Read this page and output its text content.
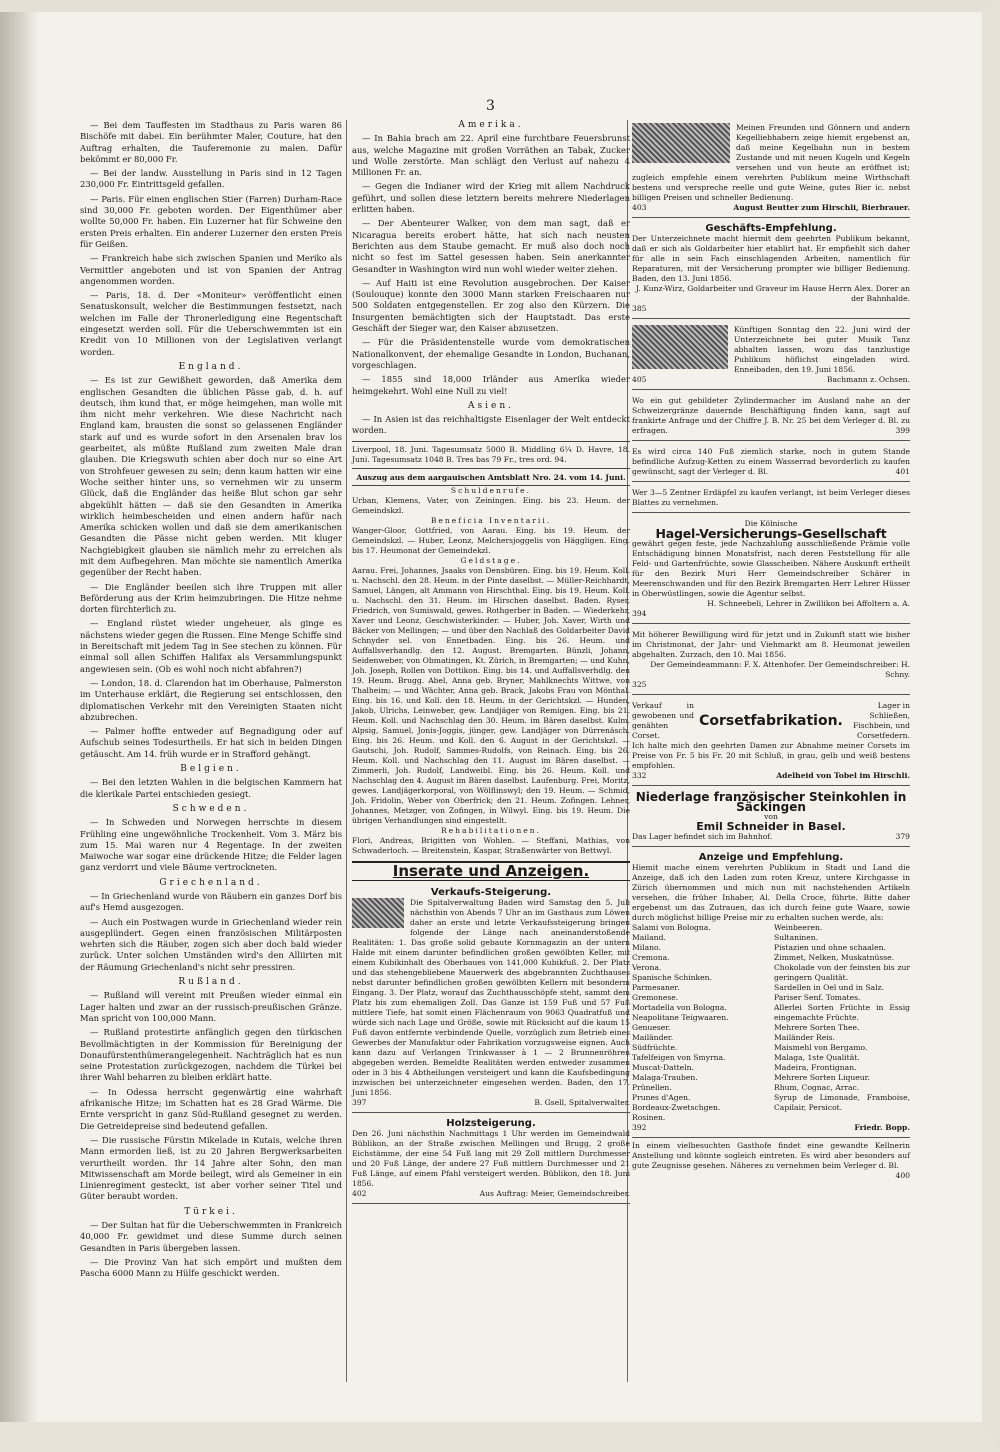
3

— Bei dem Tauffesten im Stadthaus zu Paris waren 86 Bischöfe mit dabei. Ein berühmter Maler, Couture, hat den Auftrag erhalten, die Tauferemonie zu malen. Dafür bekömmt er 80,000 Fr.

— Bei der landw. Ausstellung in Paris sind in 12 Tagen 230,000 Fr. Eintrittsgeld gefallen.

— Paris. Für einen englischen Stier (Farren) Durham-Race sind 30,000 Fr. geboten worden. Der Eigenthümer aber wollte 50,000 Fr. haben. Ein Luzerner hat für Schweine den ersten Preis erhalten. Ein anderer Luzerner den ersten Preis für Geißen.

— Frankreich habe sich zwischen Spanien und Meriko als Vermittler angeboten und ist von Spanien der Antrag angenommen worden.

— Paris, 18. d. Der «Moniteur» veröffentlicht einen Senatuskonsult, welcher die Bestimmungen festsetzt, nach welchen im Falle der Thronerledigung eine Regentschaft eingesetzt werden soll. Für die Ueberschwemmten ist ein Kredit von 10 Millionen von der Legislativen verlangt worden.

England.

— Es ist zur Gewißheit geworden, daß Amerika dem englischen Gesandten die üblichen Pässe gab, d. h. auf deutsch, ihm kund that, er möge heimgehen, man wolle mit ihm nicht mehr verkehren. Wie diese Nachricht nach England kam, brausten die sonst so gelassenen Engländer stark auf und es wurde sofort in den Arsenalen brav los gearbeitet, als müßte Rußland zum zweiten Male dran glauben. Die Kriegswuth schien aber doch nur so eine Art von Strohfeuer gewesen zu sein; denn kaum hatten wir eine Woche seither hinter uns, so vernehmen wir zu unserm Glück, daß die Engländer das heiße Blut schon gar sehr abgekühlt hätten — daß sie den Gesandten in Amerika wirklich heimbescheiden und einen andern hafür nach Amerika schicken wollen und daß sie dem amerikanischen Gesandten die Pässe nicht geben werden. Mit kluger Nachgiebigkeit glauben sie nämlich mehr zu erreichen als mit dem Aufbegehren. Man möchte sie namentlich Amerika gegenüber der Recht haben.

— Die Engländer beeilen sich ihre Truppen mit aller Beförderung aus der Krim heimzubringen. Die Hitze nehme dorten fürchterlich zu.

— England rüstet wieder ungeheuer, als ginge es nächstens wieder gegen die Russen. Eine Menge Schiffe sind in Bereitschaft mit jedem Tag in See stechen zu können. Für einmal soll allen Schiffen Halifax als Versammlungspunkt angewiesen sein. (Ob es wohl noch nicht abfahren?)

— London, 18. d. Clarendon hat im Oberhause, Palmerston im Unterhause erklärt, die Regierung sei entschlossen, den diplomatischen Verkehr mit den Vereinigten Staaten nicht abzubrechen.

— Palmer hoffte entweder auf Begnadigung oder auf Aufschub seines Todesurtheils. Er hat sich in beiden Dingen getäuscht. Am 14. früh wurde er in Strafford gehängt.

Belgien.

— Bei den letzten Wahlen in die belgischen Kammern hat die klerikale Partei entschieden gesiegt.

Schweden.

— In Schweden und Norwegen herrschte in diesem Frühling eine ungewöhnliche Trockenheit. Vom 3. März bis zum 15. Mai waren nur 4 Regentage. In der zweiten Maiwoche war sogar eine drückende Hitze; die Felder lagen ganz verdorrt und viele Bäume vertrockneten.

Griechenland.

— In Griechenland wurde von Räubern ein ganzes Dorf bis auf's Hemd ausgezogen.

— Auch ein Postwagen wurde in Griechenland wieder rein ausgeplündert. Gegen einen französischen Militärposten wehrten sich die Räuber, zogen sich aber doch bald wieder zurück. Unter solchen Umständen wird's den Alliirten mit der Räumung Griechenland's nicht sehr pressiren.

Rußland.

— Rußland will vereint mit Preußen wieder einmal ein Lager halten und zwar an der russisch-preußischen Gränze. Man spricht von 100,000 Mann.

— Rußland protestirte anfänglich gegen den türkischen Bevollmächtigten in der Kommission für Bereinigung der Donaufürstenthümerangelegenheit. Nachträglich hat es nun seine Protestation zurückgezogen, nachdem die Türkei bei ihrer Wahl beharren zu bleiben erklärt hatte.

— In Odessa herrscht gegenwärtig eine wahrhaft afrikanische Hitze; im Schatten hat es 28 Grad Wärme. Die Ernte verspricht in ganz Süd-Rußland gesegnet zu werden. Die Getreidepreise sind bedeutend gefallen.

— Die russische Fürstin Mikelade in Kutais, welche ihren Mann ermorden ließ, ist zu 20 Jahren Bergwerksarbeiten verurtheilt worden. Ihr 14 Jahre alter Sohn, den man Mitwissenschaft am Morde beilegt, wird als Gemeiner in ein Linienregiment gesteckt, ist aber vorher seiner Titel und Güter beraubt worden.

Türkei.

— Der Sultan hat für die Ueberschwemmten in Frankreich 40,000 Fr. gewidmet und diese Summe durch seinen Gesandten in Paris übergeben lassen.

— Die Provinz Van hat sich empört und mußten dem Pascha 6000 Mann zu Hülfe geschickt werden.

Amerika.

— In Bahia brach am 22. April eine furchtbare Feuersbrunst aus, welche Magazine mit großen Vorräthen an Tabak, Zucker und Wolle zerstörte. Man schlägt den Verlust auf nahezu 4 Millionen Fr. an.

— Gegen die Indianer wird der Krieg mit allem Nachdruck geführt, und sollen diese letztern bereits mehrere Niederlagen erlitten haben.

— Der Abenteurer Walker, von dem man sagt, daß er Nicaragua bereits erobert hätte, hat sich nach neusten Berichten aus dem Staube gemacht. Er muß also doch noch nicht so fest im Sattel gesessen haben. Sein anerkannter Gesandter in Washington wird nun wohl wieder weiter ziehen.

— Auf Haiti ist eine Revolution ausgebrochen. Der Kaiser (Soulouque) konnte den 3000 Mann starken Freischaaren nur 500 Soldaten entgegenstellen. Er zog also den Kürzern. Die Insurgenten bemächtigten sich der Hauptstadt. Das erste Geschäft der Sieger war, den Kaiser abzusetzen.

— Für die Präsidentenstelle wurde vom demokratischen Nationalkonvent, der ehemalige Gesandte in London, Buchanan, vorgeschlagen.

— 1855 sind 18,000 Irländer aus Amerika wieder heimgekehrt. Wohl eine Null zu viel!

Asien.

— In Asien ist das reichhaltigste Eisenlager der Welt entdeckt worden.

Liverpool, 18. Juni. Tagesumsatz 5000 B. Middling 6¼ D. Havre, 18. Juni. Tagesumsatz 1048 B. Tres bas 79 Fr., tres ord. 94.
Auszug aus dem aargauischen Amtsblatt Nro. 24. vom 14. Juni.
Schuldenrufe.
Urban, Klemens, Vater, von Zeiningen. Eing. bis 23. Heum. der Gemeindskzl.
Beneficia Inventarii.
Wanger-Gloor, Gottfried, von Aarau. Eing. bis 19. Heum. der Gemeindskzl. — Huber, Leonz, Melchersjoggelis von Häggligen. Eing. bis 17. Heumonat der Gemeindekzl.
Geldstage.
Aarau. Frei, Johannes, Jsaaks von Densbüren. Eing. bis 19. Heum. Koll. u. Nachschl. den 28. Heum. in der Pinte daselbst. — Müller-Reichhardt, Samuel, Längen, alt Ammann von Hirschthal. Eing. bis 19. Heum. Koll. u. Nachschl. den 31. Heum. im Hirschen daselbst. Baden. Ryser, Friedrich, von Sumiswald, gewes. Rothgerber in Baden. — Wiederkehr, Xaver und Leonz, Geschwisterkinder. — Huber, Joh. Xaver, Wirth und Bäcker von Mellingen; — und über den Nachlaß des Goldarbeiter David Schnyder sel. von Ennetbaden. Eing. bis 26. Heum. und Auffallsverhandlg. den 12. August. Bremgarten. Bünzli, Johann, Seidenweber, von Obmatingen, Kt. Zürich, in Bremgarten; — und Kuhn, Joh. Joseph, Rollen von Dottikon. Eing. bis 14. und Auffallsverhdlg. den 19. Heum. Brugg. Abel, Anna geb. Bryner, Mahlknechts Wittwe, von Thalheim; — und Wächter, Anna geb. Brack, Jakobs Frau von Mönthal. Eing. bis 16. und Koll. den 18. Heum. in der Gerichtskzl. — Hunden, Jakob, Ulrichs, Leinweber, gew. Landjäger von Remigen. Eing. bis 21. Heum. Koll. und Nachschlag den 30. Heum. im Bären daselbst. Kulm. Alpsig, Samuel, Jonis-Joggis, jünger, gew. Landjäger von Dürrenäsch. Eing. bis 26. Heum. und Koll. den 6. August in der Gerichtskzl. — Gautschi, Joh. Rudolf, Sammes-Rudolfs, von Reinach. Eing. bis 26. Heum. Koll. und Nachschlag den 11. August im Bären daselbst. — Zimmerli, Joh. Rudolf, Landweibl. Eing. bis 26. Heum. Koll. und Nachschlag den 4. August im Bären daselbst. Laufenburg. Frei, Moritz, gewes. Landjägerkorporal, von Wölflinswyl; den 19. Heum. — Schmid, Joh. Fridolin, Weber von Oberfrick; den 21. Heum. Zofingen. Lehner, Johannes, Metzger, von Zofingen, in Wilwyl. Eing. bis 19. Heum. Die übrigen Verhandlungen sind eingestellt.
Rehabilitationen.
Flori, Andreas, Brigitten von Wohlen. — Steffani, Mathias, von Schwaderloch. — Breitenstein, Kaspar, Straßenwärter von Bettwyl.
Inserate und Anzeigen.
Verkaufs-Steigerung.
Die Spitalverwaltung Baden wird Samstag den 5. Juli nächsthin von Abends 7 Uhr an im Gasthaus zum Löwen daher an erste und letzte Verkaufssteigerung bringen folgende der Länge nach aneinanderstoßende Realitäten: 1. Das große solid gebaute Kornmagazin an der untern Halde mit einem darunter befindlichen großen gewölbten Keller, mit einem Kubikinhalt des Oberbaues von 141,000 Kubikfuß. 2. Der Platz und das stehengebliebene Mauerwerk des abgebrannten Zuchthauses nebst darunter befindlichen großen gewölbten Kellern mit besonderm Eingang. 3. Der Platz, worauf das Zuchthausschöpfe steht, sammt dem Platz bis zum ehemaligen Zoll. Das Ganze ist 159 Fuß und 57 Fuß mittlere Tiefe, hat somit einen Flächenraum von 9063 Quadratfuß und würde sich nach Lage und Größe, sowie mit Rücksicht auf die kaum 15 Fuß davon entfernte verbindende Quelle, vorzüglich zum Betrieb eines Gewerbes der Manufaktur oder Fabrikation vorzugsweise eignen. Auch kann dazu auf Verlangen Trinkwasser à 1 — 2 Brunnenröhren abgegeben werden. Bemeldte Realitäten werden entweder zusammen oder in 3 bis 4 Abtheilungen versteigert und kann die Kaufsbedingung inzwischen bei unterzeichneter eingesehen werden. Baden, den 17. Juni 1856.
397	B. Gsell, Spitalverwalter.
Holzsteigerung.
Den 26. Juni nächsthin Nachmittags 1 Uhr werden im Gemeindwald Büblikon, an der Straße zwischen Mellingen und Brugg, 2 große Eichstämme, der eine 54 Fuß lang mit 29 Zoll mittlern Durchmesser und 20 Fuß Länge, der andere 27 Fuß mittlern Durchmesser und 21 Fuß Länge, auf einem Pfahl versteigert werden. Büblikon, den 18. Juni 1856.
402	Aus Auftrag: Meier, Gemeindschreiber.
Meinen Freunden und Gönnern und andern Kegelliebhabern zeige hiemit ergebenst an, daß meine Kegelbahn nun in bestem Zustande und mit neuen Kugeln und Kegeln versehen und von heute an eröffnet ist; zugleich empfehle einem verehrten Publikum meine Wirthschaft bestens und verspreche reelle und gute Weine, gutes Bier ic. nebst billigen Preisen und schneller Bedienung.
403	August Beutter zum Hirschli, Bierbrauer.
Geschäfts-Empfehlung.
Der Unterzeichnete macht hiermit dem geehrten Publikum bekannt, daß er sich als Goldarbeiter hier etablirt hat. Er empfiehlt sich daher für alle in sein Fach einschlagenden Arbeiten, namentlich für Reparaturen, mit der Versicherung prompter wie billiger Bedienung. Baden, den 13. Juni 1856.
J. Kunz-Wirz, Goldarbeiter und Graveur im Hause Herrn Alex. Dorer an der Bahnhalde.
385
Künftigen Sonntag den 22. Juni wird der Unterzeichnete bei guter Musik Tanz abhalten lassen, wozu das tanzlustige Publikum höflichst eingeladen wird. Enneibaden, den 19. Juni 1856.
405	Bachmann z. Ochsen.
Wo ein gut gebildeter Zylindermacher im Ausland nahe an der Schweizergränze dauernde Beschäftigung finden kann, sagt auf frankirte Anfrage und der Chiffre J. B. Nr. 25 bei dem Verleger d. Bl. zu erfragen.	399
Es wird circa 140 Fuß ziemlich starke, noch in gutem Stande befindliche Aufzug-Ketten zu einem Wasserrad bevorderlich zu kaufen gewünscht, sagt der Verleger d. Bl.	401
Wer 3—5 Zentner Erdäpfel zu kaufen verlangt, ist beim Verleger dieses Blattes zu vernehmen.
Die Kölnische
Hagel-Versicherungs-Gesellschaft
gewährt gegen feste, jede Nachzahlung ausschließende Prämie volle Entschädigung binnen Monatsfrist, nach deren Feststellung für alle Feld- und Gartenfrüchte, sowie Glasscheiben. Nähere Auskunft ertheilt für den Bezirk Muri Herr Gemeindschreiber Schärer in Meerenschwanden und für den Bezirk Bremgarten Herr Lehrer Hüsser in Oberwüstlingen, sowie die Agentur selbst.
H. Schneebeli, Lehrer in Zwillikon bei Affoltern a. A.
394
Mit höherer Bewilligung wird für jetzt und in Zukunft statt wie bisher im Christmonat, der Jahr- und Viehmarkt am 8. Heumonat jeweilen abgehalten. Zurzach, den 10. Mai 1856.
Der Gemeindeammann: F. X. Attenhofer. Der Gemeindschreiber: H. Schny.
325
Verkauf in gewobenen und genähten Corset.
Corsetfabrikation.
Lager in Schließen, Fischbein, und Corsetfedern.
Ich halte mich den geehrten Damen zur Abnahme meiner Corsets im Preise von Fr. 5 bis Fr. 20 mit Schluß, in grau, gelb und weiß bestens empfohlen.
332	Adelheid von Tobel im Hirschli.
Niederlage französischer Steinkohlen in Säckingen
von
Emil Schneider in Basel.
Das Lager befindet sich im Bahnhof.	379
Anzeige und Empfehlung.
Hiemit mache einem verehrten Publikum in Stadt und Land die Anzeige, daß ich den Laden zum roten Kreuz, untere Kirchgasse in Zürich übernommen und mich nun mit nachstehenden Artikeln versehen, die früher Inhaber, Al. Della Croce, führte. Bitte daher ergebenst um das Zutrauen, das ich durch feine gute Waare, sowie durch möglichst billige Preise mir zu erhalten suchen werde, als:
Salami von Bologna.
Mailand.
Milano.
Cremona.
Verona.
Spanische Schinken.
Parmesaner.
Gremonese.
Mortadella von Bologna.
Neapolitane Teigwaaren.
Genueser.
Mailänder.
Südfrüchte.
Tafelfeigen von Smyrna.
Muscat-Datteln.
Malaga-Trauben.
Prünellen.
Prunes d'Agen.
Bordeaux-Zwetschgen.
Rosinen.
Weinbeeren.
Sultaninen.
Pistazien und ohne schaalen.
Zimmet, Nelken, Muskatnüsse.
Chokolade von der feinsten bis zur geringern Qualität.
Sardellen in Oel und in Salz.
Pariser Senf. Tomates.
Allerlei Sorten Früchte in Essig eingemachte Früchte.
Mehrere Sorten Thee.
Mailänder Reis.
Maismehl von Bergamo.
Malaga, 1ste Qualität.
Madeira, Frontignan.
Mehrere Sorten Liqueur.
Rhum, Cognac, Arrac.
Syrup de Limonade, Framboise, Capilair, Persicot.
392	Friedr. Bopp.
In einem vielbesuchten Gasthofe findet eine gewandte Kellnerin Anstellung und könnte sogleich eintreten. Es wird aber besonders auf gute Zeugnisse gesehen. Näheres zu vernehmen beim Verleger d. Bl.
400
